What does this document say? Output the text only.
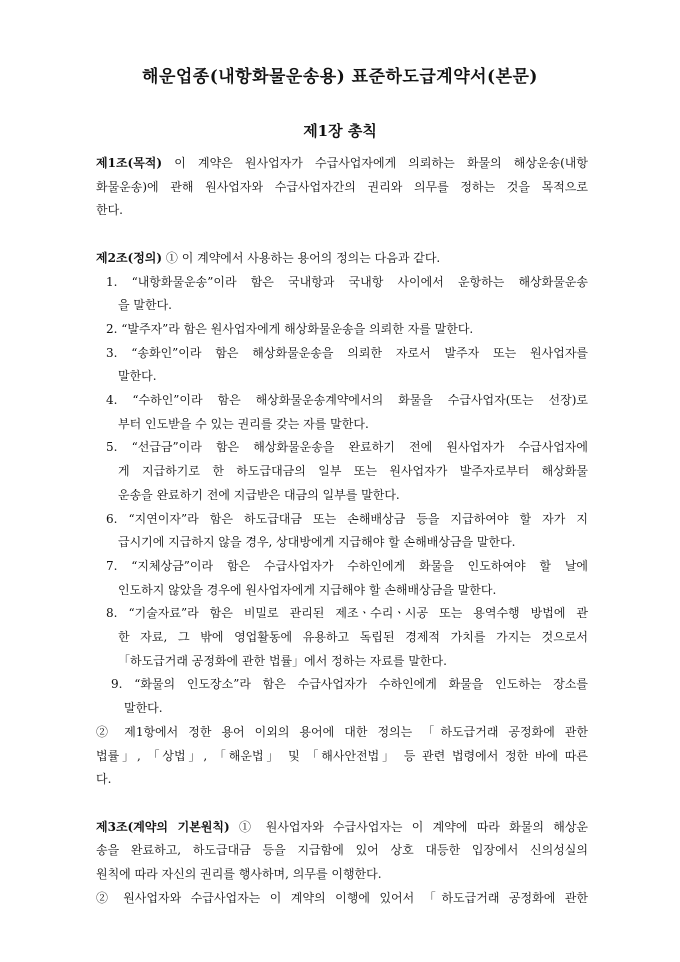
해운업종(내항화물운송용) 표준하도급계약서(본문)
제1장 총칙
제1조(목적) 이 계약은 원사업자가 수급사업자에게 의뢰하는 화물의 해상운송(내항
화물운송)에 관해 원사업자와 수급사업자간의 권리와 의무를 정하는 것을 목적으로
한다.
제2조(정의) ① 이 계약에서 사용하는 용어의 정의는 다음과 같다.
1. “내항화물운송”이라 함은 국내항과 국내항 사이에서 운항하는 해상화물운송
을 말한다.
2. “발주자”라 함은 원사업자에게 해상화물운송을 의뢰한 자를 말한다.
3. “송화인”이라 함은 해상화물운송을 의뢰한 자로서 발주자 또는 원사업자를
말한다.
4. “수하인”이라 함은 해상화물운송계약에서의 화물을 수급사업자(또는 선장)로
부터 인도받을 수 있는 권리를 갖는 자를 말한다.
5. “선급금”이라 함은 해상화물운송을 완료하기 전에 원사업자가 수급사업자에
게 지급하기로 한 하도급대금의 일부 또는 원사업자가 발주자로부터 해상화물
운송을 완료하기 전에 지급받은 대금의 일부를 말한다.
6. “지연이자”라 함은 하도급대금 또는 손해배상금 등을 지급하여야 할 자가 지
급시기에 지급하지 않을 경우, 상대방에게 지급해야 할 손해배상금을 말한다.
7. “지체상금”이라 함은 수급사업자가 수하인에게 화물을 인도하여야 할 날에
인도하지 않았을 경우에 원사업자에게 지급해야 할 손해배상금을 말한다.
8. “기술자료”라 함은 비밀로 관리된 제조ㆍ수리ㆍ시공 또는 용역수행 방법에 관
한 자료, 그 밖에 영업활동에 유용하고 독립된 경제적 가치를 가지는 것으로서
「하도급거래 공정화에 관한 법률」에서 정하는 자료를 말한다.
9. “화물의 인도장소”라 함은 수급사업자가 수하인에게 화물을 인도하는 장소를
말한다.
② 제1항에서 정한 용어 이외의 용어에 대한 정의는 「하도급거래 공정화에 관한
법률」, 「상법」, 「해운법」 및 「해사안전법」 등 관련 법령에서 정한 바에 따른
다.
제3조(계약의 기본원칙) ① 원사업자와 수급사업자는 이 계약에 따라 화물의 해상운
송을 완료하고, 하도급대금 등을 지급함에 있어 상호 대등한 입장에서 신의성실의
원칙에 따라 자신의 권리를 행사하며, 의무를 이행한다.
② 원사업자와 수급사업자는 이 계약의 이행에 있어서 「하도급거래 공정화에 관한
